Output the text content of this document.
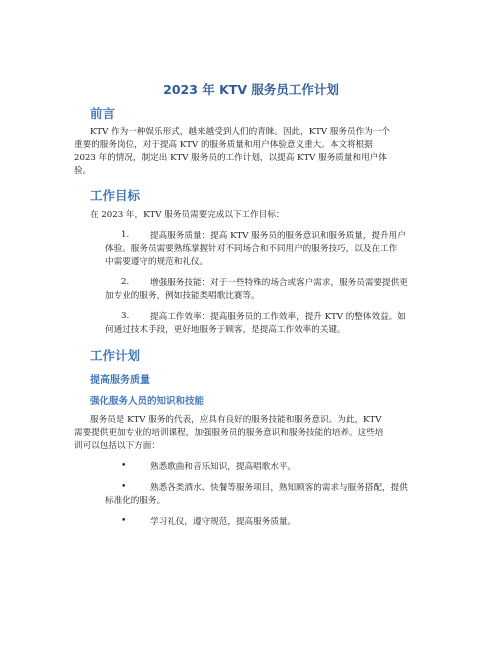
2023 年 KTV 服务员工作计划
前言
KTV 作为一种娱乐形式，越来越受到人们的青睐。因此，KTV 服务员作为一个
重要的服务岗位，对于提高 KTV 的服务质量和用户体验意义重大。本文将根据
2023 年的情况，制定出 KTV 服务员的工作计划，以提高 KTV 服务质量和用户体
验。
工作目标
在 2023 年，KTV 服务员需要完成以下工作目标：
1. 提高服务质量：提高 KTV 服务员的服务意识和服务质量，提升用户
体验。服务员需要熟练掌握针对不同场合和不同用户的服务技巧，以及在工作
中需要遵守的规范和礼仪。
2. 增强服务技能：对于一些特殊的场合或客户需求，服务员需要提供更
加专业的服务，例如技能类唱歌比赛等。
3. 提高工作效率：提高服务员的工作效率，提升 KTV 的整体效益。如
何通过技术手段，更好地服务于顾客，是提高工作效率的关键。
工作计划
提高服务质量
强化服务人员的知识和技能
服务员是 KTV 服务的代表，应具有良好的服务技能和服务意识。为此，KTV
需要提供更加专业的培训课程，加强服务员的服务意识和服务技能的培养。这些培
训可以包括以下方面：
•	熟悉歌曲和音乐知识，提高唱歌水平。
•	熟悉各类酒水、快餐等服务项目，熟知顾客的需求与服务搭配，提供
标准化的服务。
•	学习礼仪，遵守规范，提高服务质量。
